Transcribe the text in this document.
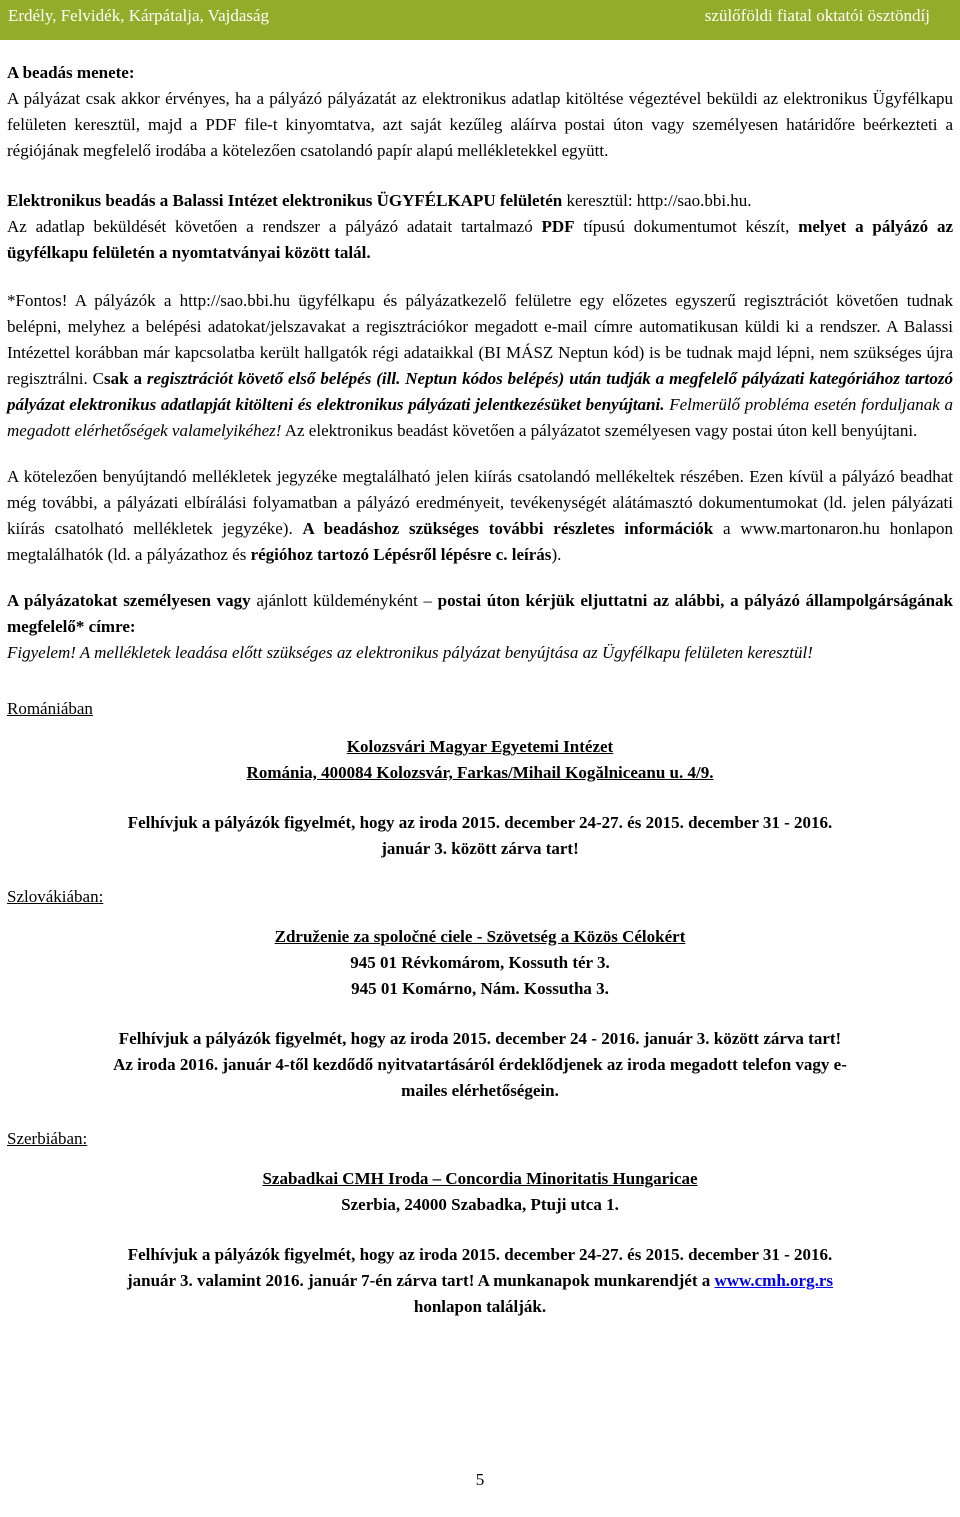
Erdély, Felvidék, Kárpátalja, Vajdaság	szülőföldi fiatal oktatói ösztöndíj

A beadás menete:

A pályázat csak akkor érvényes, ha a pályázó pályázatát az elektronikus adatlap kitöltése végeztével beküldi az elektronikus Ügyfélkapu felületen keresztül, majd a PDF file-t kinyomtatva, azt saját kezűleg aláírva postai úton vagy személyesen határidőre beérkezteti a régiójának megfelelő irodába a kötelezően csatolandó papír alapú mellékletekkel együtt.

Elektronikus beadás a Balassi Intézet elektronikus ÜGYFÉLKAPU felületén keresztül: http://sao.bbi.hu.

Az adatlap beküldését követően a rendszer a pályázó adatait tartalmazó PDF típusú dokumentumot készít, melyet a pályázó az ügyfélkapu felületén a nyomtatványai között talál.

*Fontos! A pályázók a http://sao.bbi.hu ügyfélkapu és pályázatkezelő felületre egy előzetes egyszerű regisztrációt követően tudnak belépni, melyhez a belépési adatokat/jelszavakat a regisztrációkor megadott e-mail címre automatikusan küldi ki a rendszer. A Balassi Intézettel korábban már kapcsolatba került hallgatók régi adataikkal (BI MÁSZ Neptun kód) is be tudnak majd lépni, nem szükséges újra regisztrálni. Csak a regisztrációt követő első belépés (ill. Neptun kódos belépés) után tudják a megfelelő pályázati kategóriához tartozó pályázat elektronikus adatlapját kitölteni és elektronikus pályázati jelentkezésüket benyújtani. Felmerülő probléma esetén forduljanak a megadott elérhetőségek valamelyikéhez! Az elektronikus beadást követően a pályázatot személyesen vagy postai úton kell benyújtani.

A kötelezően benyújtandó mellékletek jegyzéke megtalálható jelen kiírás csatolandó mellékeltek részében. Ezen kívül a pályázó beadhat még további, a pályázati elbírálási folyamatban a pályázó eredményeit, tevékenységét alátámasztó dokumentumokat (ld. jelen pályázati kiírás csatolható mellékletek jegyzéke). A beadáshoz szükséges további részletes információk a www.martonaron.hu honlapon megtalálhatók (ld. a pályázathoz és régióhoz tartozó Lépésről lépésre c. leírás).

A pályázatokat személyesen vagy ajánlott küldeményként – postai úton kérjük eljuttatni az alábbi, a pályázó állampolgárságának megfelelő* címre:

Figyelem! A mellékletek leadása előtt szükséges az elektronikus pályázat benyújtása az Ügyfélkapu felületen keresztül!

Romániában

Kolozsvári Magyar Egyetemi Intézet

Románia, 400084 Kolozsvár, Farkas/Mihail Kogălniceanu u. 4/9.

Felhívjuk a pályázók figyelmét, hogy az iroda 2015. december 24-27. és 2015. december 31 - 2016.

január 3. között zárva tart!

Szlovákiában:

Združenie za spoločné ciele - Szövetség a Közös Célokért

945 01 Révkomárom, Kossuth tér 3.

945 01 Komárno, Nám. Kossutha 3.

Felhívjuk a pályázók figyelmét, hogy az iroda 2015. december 24 - 2016. január 3. között zárva tart!

Az iroda 2016. január 4-től kezdődő nyitvatartásáról érdeklődjenek az iroda megadott telefon vagy e-

mailes elérhetőségein.

Szerbiában:

Szabadkai CMH Iroda – Concordia Minoritatis Hungaricae

Szerbia, 24000 Szabadka, Ptuji utca 1.

Felhívjuk a pályázók figyelmét, hogy az iroda 2015. december 24-27. és 2015. december 31 - 2016.

január 3. valamint 2016. január 7-én zárva tart! A munkanapok munkarendjét a www.cmh.org.rs

honlapon találják.

5
